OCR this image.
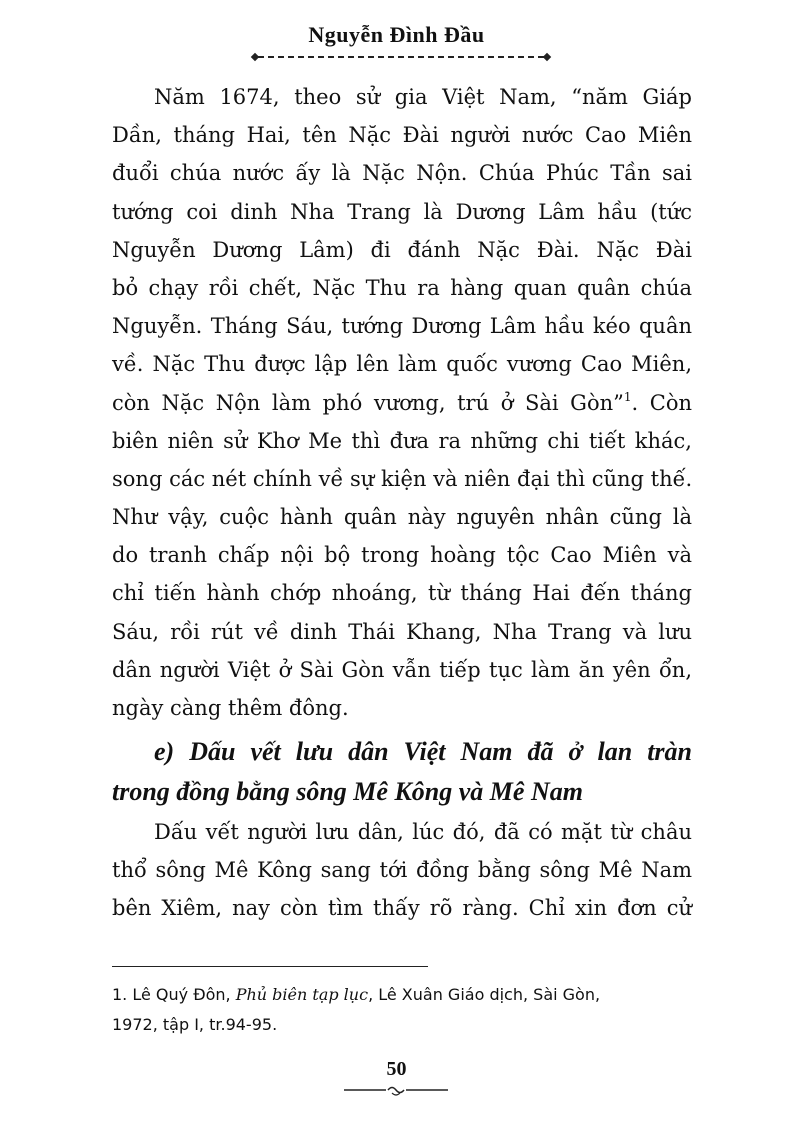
Nguyễn Đình Đầu
Năm 1674, theo sử gia Việt Nam, “năm Giáp
Dần, tháng Hai, tên Nặc Đài người nước Cao Miên
đuổi chúa nước ấy là Nặc Nộn. Chúa Phúc Tần sai
tướng coi dinh Nha Trang là Dương Lâm hầu (tức
Nguyễn Dương Lâm) đi đánh Nặc Đài. Nặc Đài
bỏ chạy rồi chết, Nặc Thu ra hàng quan quân chúa
Nguyễn. Tháng Sáu, tướng Dương Lâm hầu kéo quân
về. Nặc Thu được lập lên làm quốc vương Cao Miên,
còn Nặc Nộn làm phó vương, trú ở Sài Gòn”$^1$. Còn
biên niên sử Khơ Me thì đưa ra những chi tiết khác,
song các nét chính về sự kiện và niên đại thì cũng thế.
Như vậy, cuộc hành quân này nguyên nhân cũng là
do tranh chấp nội bộ trong hoàng tộc Cao Miên và
chỉ tiến hành chớp nhoáng, từ tháng Hai đến tháng
Sáu, rồi rút về dinh Thái Khang, Nha Trang và lưu
dân người Việt ở Sài Gòn vẫn tiếp tục làm ăn yên ổn,
ngày càng thêm đông.
e) Dấu vết lưu dân Việt Nam đã ở lan tràn
trong đồng bằng sông Mê Kông và Mê Nam
Dấu vết người lưu dân, lúc đó, đã có mặt từ châu
thổ sông Mê Kông sang tới đồng bằng sông Mê Nam
bên Xiêm, nay còn tìm thấy rõ ràng. Chỉ xin đơn cử
1. Lê Quý Đôn, Phủ biên tạp lục, Lê Xuân Giáo dịch, Sài Gòn,
1972, tập I, tr.94-95.
50
